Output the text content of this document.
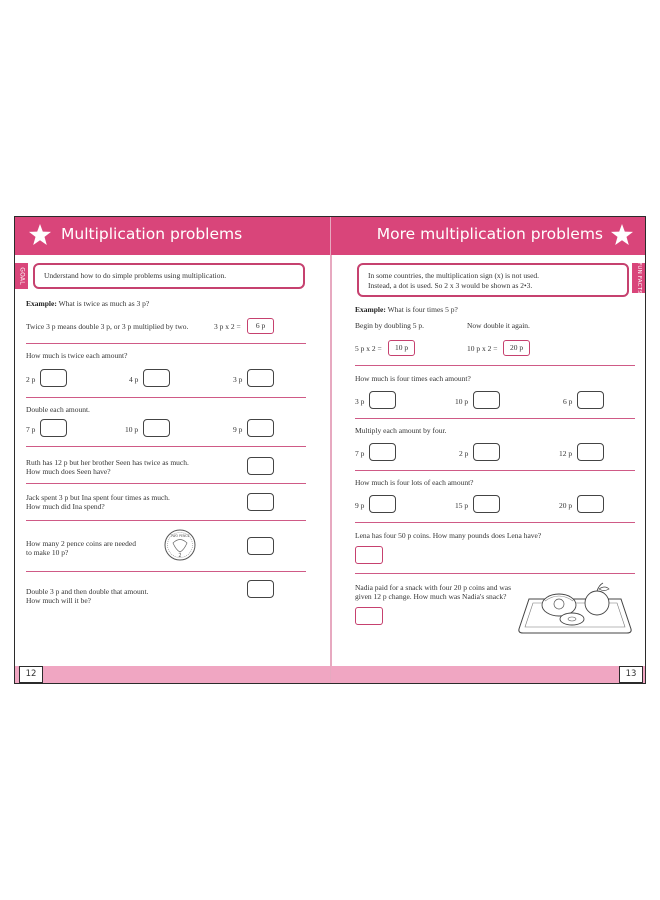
Multiplication problems
GOAL	Understand how to do simple problems using multiplication.
Example: What is twice as much as 3 p?
Twice 3 p means double 3 p, or 3 p multiplied by two.	3 p x 2 =	6 p
How much is twice each amount?
2 p	4 p	3 p
Double each amount.
7 p	10 p	9 p
Ruth has 12 p but her brother Seen has twice as much.
How much does Seen have?
Jack spent 3 p but Ina spent four times as much.
How much did Ina spend?
How many 2 pence coins are needed
to make 10 p?
TWO PENCE
2
Double 3 p and then double that amount.
How much will it be?
12
More multiplication problems
FUN FACTS
In some countries, the multiplication sign (x) is not used.
Instead, a dot is used. So 2 x 3 would be shown as 2•3.
Example: What is four times 5 p?
Begin by doubling 5 p.	Now double it again.
5 p x 2 =	10 p	10 p x 2 =	20 p
How much is four times each amount?
3 p	10 p	6 p
Multiply each amount by four.
7 p	2 p	12 p
How much is four lots of each amount?
9 p	15 p	20 p
Lena has four 50 p coins. How many pounds does Lena have?
Nadia paid for a snack with four 20 p coins and was
given 12 p change. How much was Nadia's snack?
13
